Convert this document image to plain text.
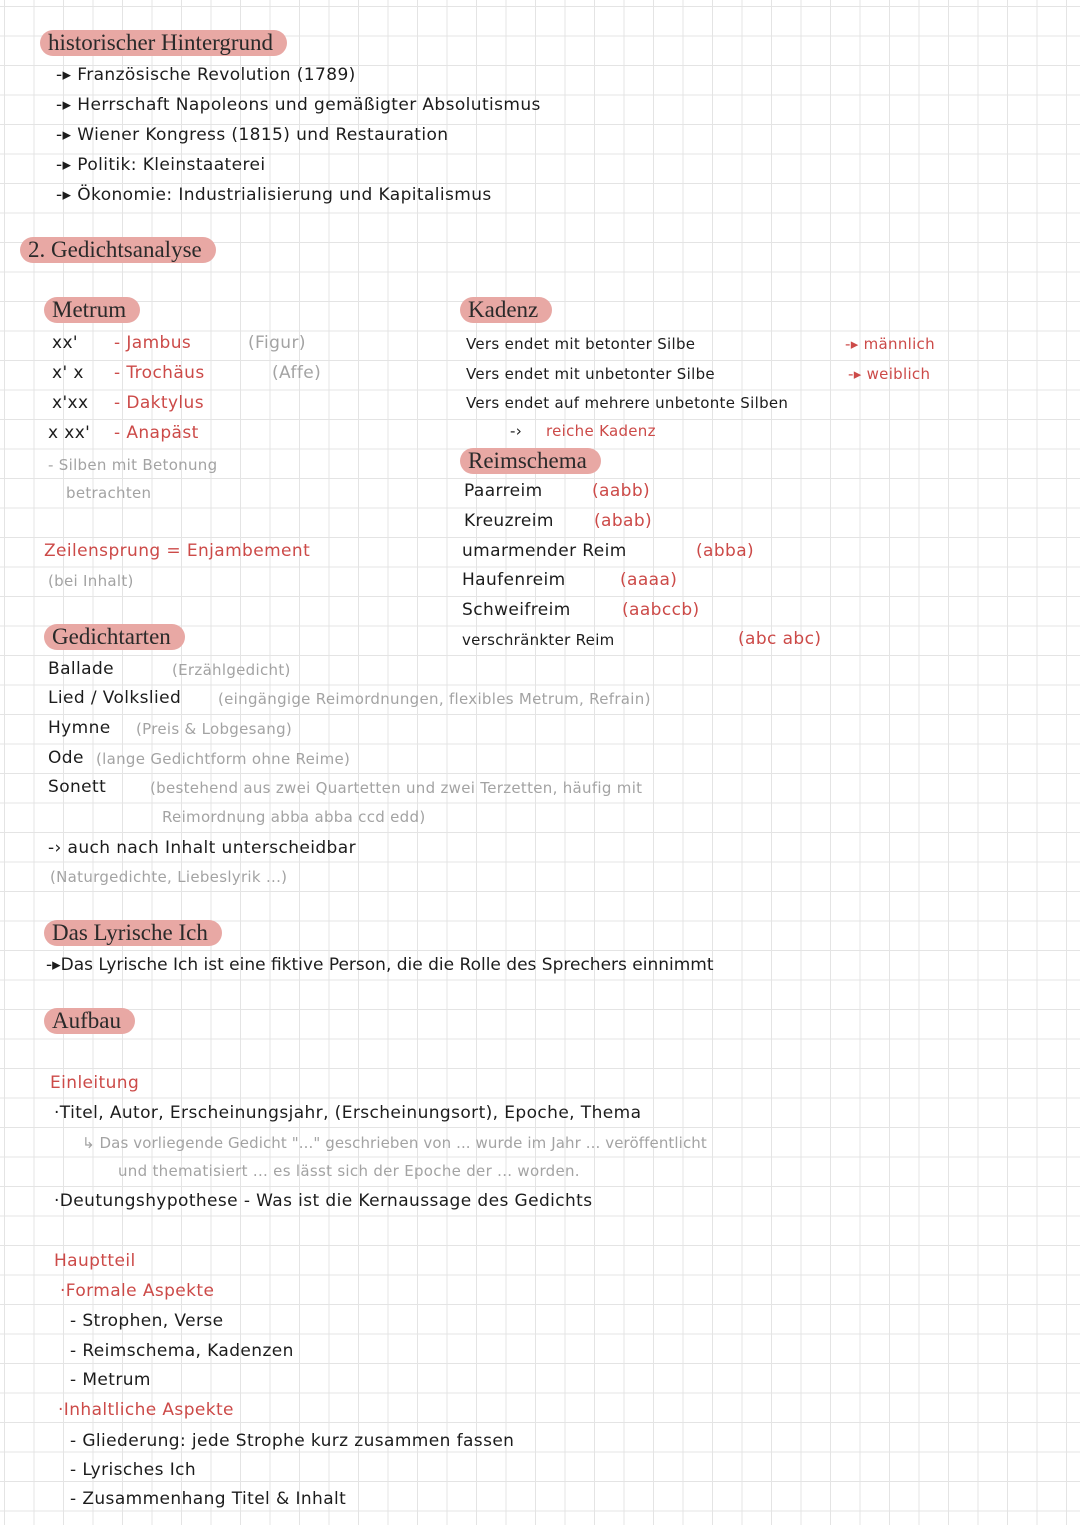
historischer Hintergrund
-▸ Französische Revolution (1789)
-▸ Herrschaft Napoleons und gemäßigter Absolutismus
-▸ Wiener Kongress (1815) und Restauration
-▸ Politik: Kleinstaaterei
-▸ Ökonomie: Industrialisierung und Kapitalismus
2. Gedichtsanalyse
Metrum
xx' - Jambus	(Figur)
x' x - Trochäus	(Affe)
x'xx - Daktylus
x xx' - Anapäst
- Silben mit Betonung
betrachten
Zeilensprung = Enjambement
(bei Inhalt)
Kadenz
Vers endet mit betonter Silbe	-▸ männlich
Vers endet mit unbetonter Silbe	-▸ weiblich
Vers endet auf mehrere unbetonte Silben
-› reiche Kadenz
Reimschema
Paarreim	(aabb)
Kreuzreim (abab)
umarmender Reim	(abba)
Haufenreim	(aaaa)
Schweifreim	(aabccb)
verschränkter Reim	(abc abc)
Gedichtarten
Ballade	(Erzählgedicht)
Lied / Volkslied (eingängige Reimordnungen, flexibles Metrum, Refrain)
Hymne (Preis & Lobgesang)
Ode (lange Gedichtform ohne Reime)
Sonett	(bestehend aus zwei Quartetten und zwei Terzetten, häufig mit
Reimordnung abba abba ccd edd)
-› auch nach Inhalt unterscheidbar
(Naturgedichte, Liebeslyrik ...)
Das Lyrische Ich
-▸Das Lyrische Ich ist eine fiktive Person, die die Rolle des Sprechers einnimmt
Aufbau
Einleitung
·Titel, Autor, Erscheinungsjahr, (Erscheinungsort), Epoche, Thema
↳ Das vorliegende Gedicht "..." geschrieben von ... wurde im Jahr ... veröffentlicht
und thematisiert ... es lässt sich der Epoche der ... worden.
·Deutungshypothese - Was ist die Kernaussage des Gedichts
Hauptteil
·Formale Aspekte
- Strophen, Verse
- Reimschema, Kadenzen
- Metrum
·Inhaltliche Aspekte
- Gliederung: jede Strophe kurz zusammen fassen
- Lyrisches Ich
- Zusammenhang Titel & Inhalt
